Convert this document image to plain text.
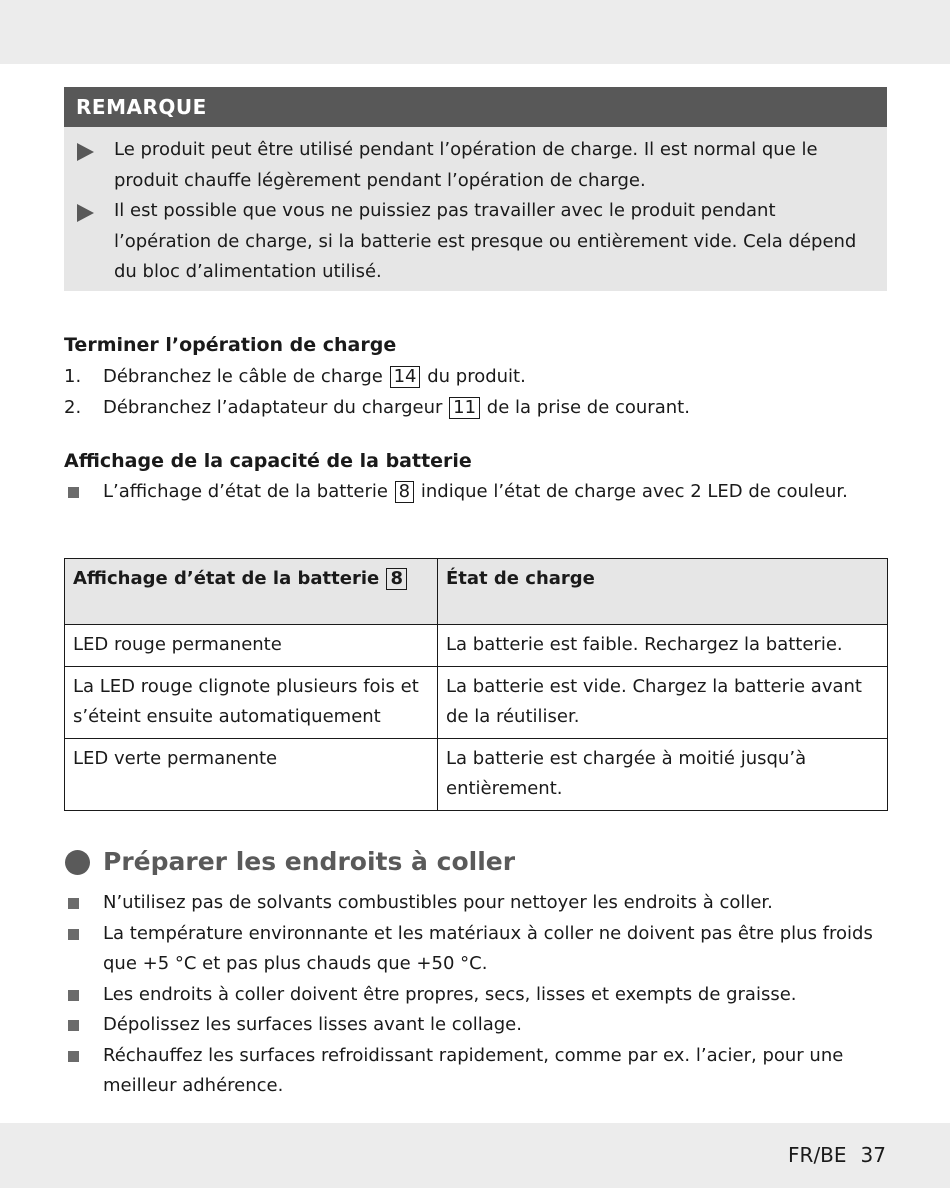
REMARQUE
Le produit peut être utilisé pendant l’opération de charge. Il est normal que le produit chauffe légèrement pendant l’opération de charge.
Il est possible que vous ne puissiez pas travailler avec le produit pendant l’opération de charge, si la batterie est presque ou entièrement vide. Cela dépend du bloc d’alimentation utilisé.
Terminer l’opération de charge
1. Débranchez le câble de charge 14 du produit.
2. Débranchez l’adaptateur du chargeur 11 de la prise de courant.
Affichage de la capacité de la batterie
L’affichage d’état de la batterie 8 indique l’état de charge avec 2 LED de couleur.
Affichage d’état de la batterie 8	État de charge
LED rouge permanente	La batterie est faible. Rechargez la batterie.
La LED rouge clignote plusieurs fois et s’éteint ensuite automatiquement	La batterie est vide. Chargez la batterie avant de la réutiliser.
LED verte permanente	La batterie est chargée à moitié jusqu’à entièrement.
Préparer les endroits à coller
N’utilisez pas de solvants combustibles pour nettoyer les endroits à coller.
La température environnante et les matériaux à coller ne doivent pas être plus froids que +5 °C et pas plus chauds que +50 °C.
Les endroits à coller doivent être propres, secs, lisses et exempts de graisse.
Dépolissez les surfaces lisses avant le collage.
Réchauffez les surfaces refroidissant rapidement, comme par ex. l’acier, pour une meilleur adhérence.
FR/BE 37
